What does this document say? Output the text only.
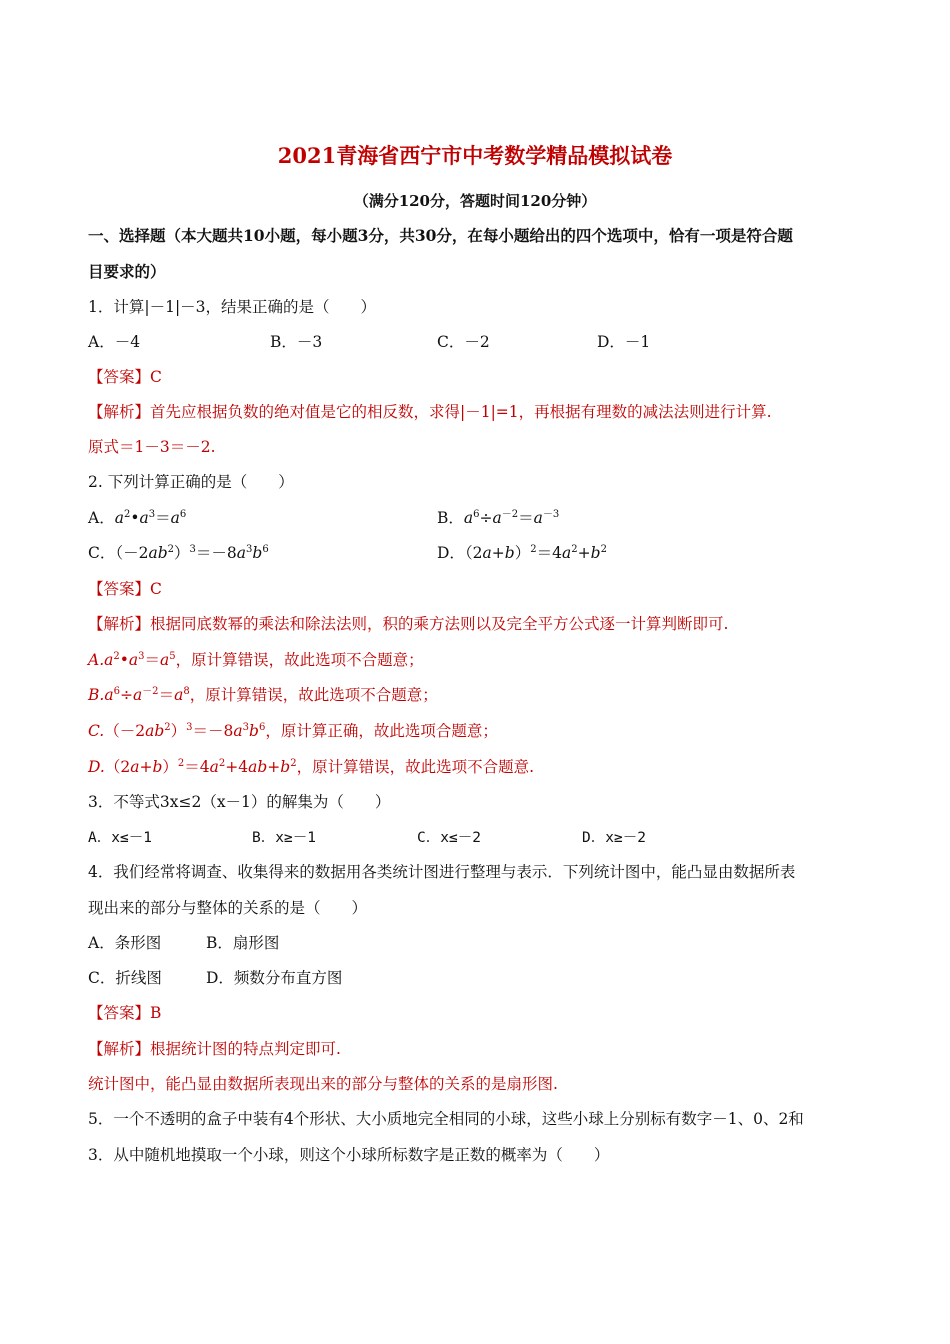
2021青海省西宁市中考数学精品模拟试卷
（满分120分，答题时间120分钟）
一、选择题（本大题共10小题，每小题3分，共30分，在每小题给出的四个选项中，恰有一项是符合题
目要求的）
1．计算|－1|－3，结果正确的是（　　）
A．－4	B．－3	C．－2	D．－1
【答案】C
【解析】首先应根据负数的绝对值是它的相反数，求得|－1|=1，再根据有理数的减法法则进行计算.
原式＝1－3＝－2.
2. 下列计算正确的是（　　）
A．$a^2•a^3=a^6$	B．$a^6\div a^{-2}=a^{-3}$
C．$(-2ab^2)^3=-8a^3b^6$	D．$(2a+b)^2=4a^2+b^2$
【答案】C
【解析】根据同底数幂的乘法和除法法则，积的乘方法则以及完全平方公式逐一计算判断即可.
$A.a^2•a^3=a^5$，原计算错误，故此选项不合题意；
$B.a^6\div a^{-2}=a^8$，原计算错误，故此选项不合题意；
$C.(-2ab^2)^3=-8a^3b^6$，原计算正确，故此选项合题意；
$D.(2a+b)^2=4a^2+4ab+b^2$，原计算错误，故此选项不合题意.
3．不等式3x≤2（x－1）的解集为（　　）
A．x≤－1	B．x≥－1	C．x≤－2	D．x≥－2
4．我们经常将调查、收集得来的数据用各类统计图进行整理与表示．下列统计图中，能凸显由数据所表
现出来的部分与整体的关系的是（　　）
A．条形图	B．扇形图
C．折线图	D．频数分布直方图
【答案】B
【解析】根据统计图的特点判定即可.
统计图中，能凸显由数据所表现出来的部分与整体的关系的是扇形图.
5．一个不透明的盒子中装有4个形状、大小质地完全相同的小球，这些小球上分别标有数字－1、0、2和
3．从中随机地摸取一个小球，则这个小球所标数字是正数的概率为（　　）
